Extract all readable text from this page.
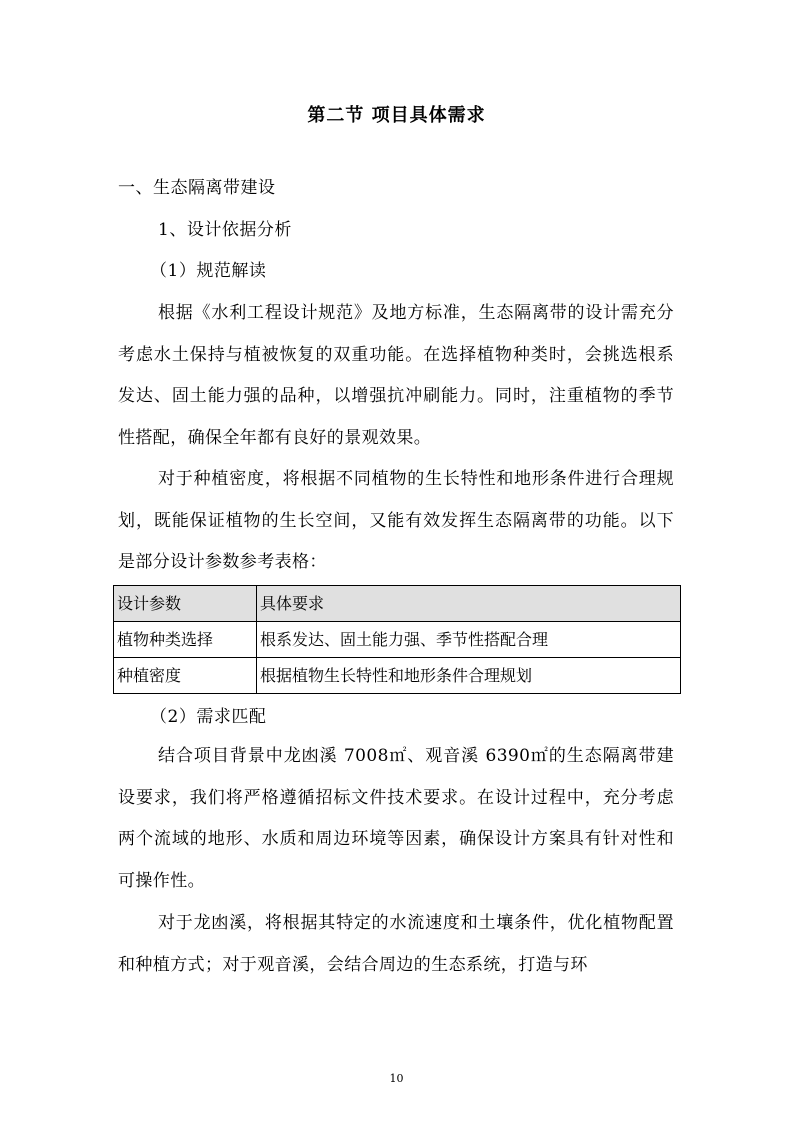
第二节 项目具体需求
一、生态隔离带建设
1、设计依据分析
（1）规范解读

根据《水利工程设计规范》及地方标准，生态隔离带的设计需充分考虑水土保持与植被恢复的双重功能。在选择植物种类时，会挑选根系发达、固土能力强的品种，以增强抗冲刷能力。同时，注重植物的季节性搭配，确保全年都有良好的景观效果。

对于种植密度，将根据不同植物的生长特性和地形条件进行合理规划，既能保证植物的生长空间，又能有效发挥生态隔离带的功能。以下是部分设计参数参考表格：

设计参数	具体要求
植物种类选择	根系发达、固土能力强、季节性搭配合理
种植密度	根据植物生长特性和地形条件合理规划
（2）需求匹配

结合项目背景中龙凼溪 7008㎡、观音溪 6390㎡的生态隔离带建设要求，我们将严格遵循招标文件技术要求。在设计过程中，充分考虑两个流域的地形、水质和周边环境等因素，确保设计方案具有针对性和可操作性。

对于龙凼溪，将根据其特定的水流速度和土壤条件，优化植物配置和种植方式；对于观音溪，会结合周边的生态系统，打造与环

10
